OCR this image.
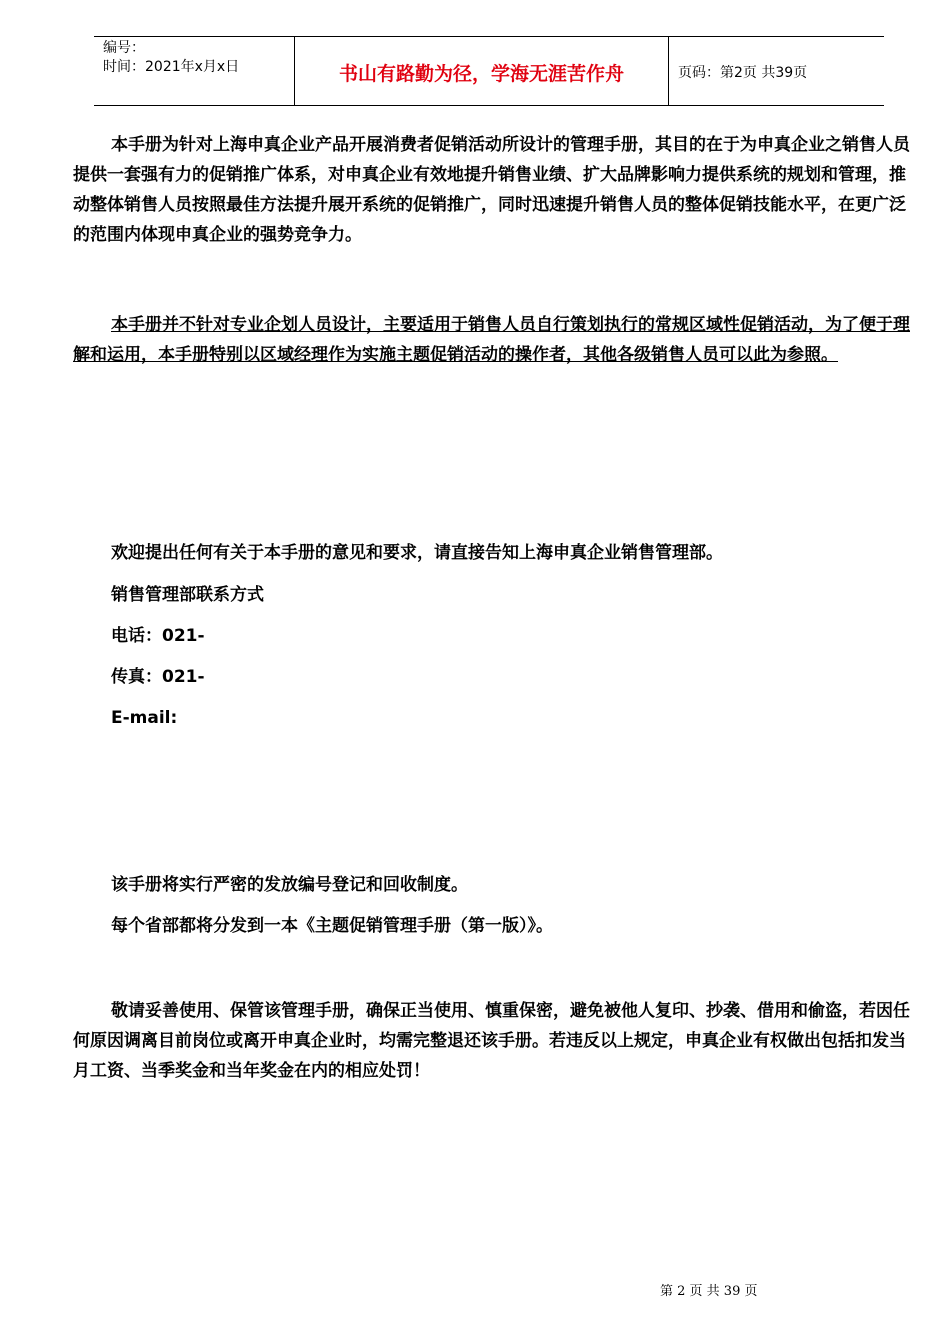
编号：
时间：2021年x月x日	书山有路勤为径，学海无涯苦作舟	页码：第2页 共39页

本手册为针对上海申真企业产品开展消费者促销活动所设计的管理手册，其目的在于为申真企业之销售人员提供一套强有力的促销推广体系，对申真企业有效地提升销售业绩、扩大品牌影响力提供系统的规划和管理，推动整体销售人员按照最佳方法提升展开系统的促销推广，同时迅速提升销售人员的整体促销技能水平，在更广泛的范围内体现申真企业的强势竞争力。

本手册并不针对专业企划人员设计，主要适用于销售人员自行策划执行的常规区域性促销活动，为了便于理解和运用，本手册特别以区域经理作为实施主题促销活动的操作者，其他各级销售人员可以此为参照。

欢迎提出任何有关于本手册的意见和要求，请直接告知上海申真企业销售管理部。
销售管理部联系方式
电话：021-
传真：021-
E-mail:
该手册将实行严密的发放编号登记和回收制度。
每个省部都将分发到一本《主题促销管理手册（第一版）》。

敬请妥善使用、保管该管理手册，确保正当使用、慎重保密，避免被他人复印、抄袭、借用和偷盗，若因任何原因调离目前岗位或离开申真企业时，均需完整退还该手册。若违反以上规定，申真企业有权做出包括扣发当月工资、当季奖金和当年奖金在内的相应处罚！

第 2 页 共 39 页
